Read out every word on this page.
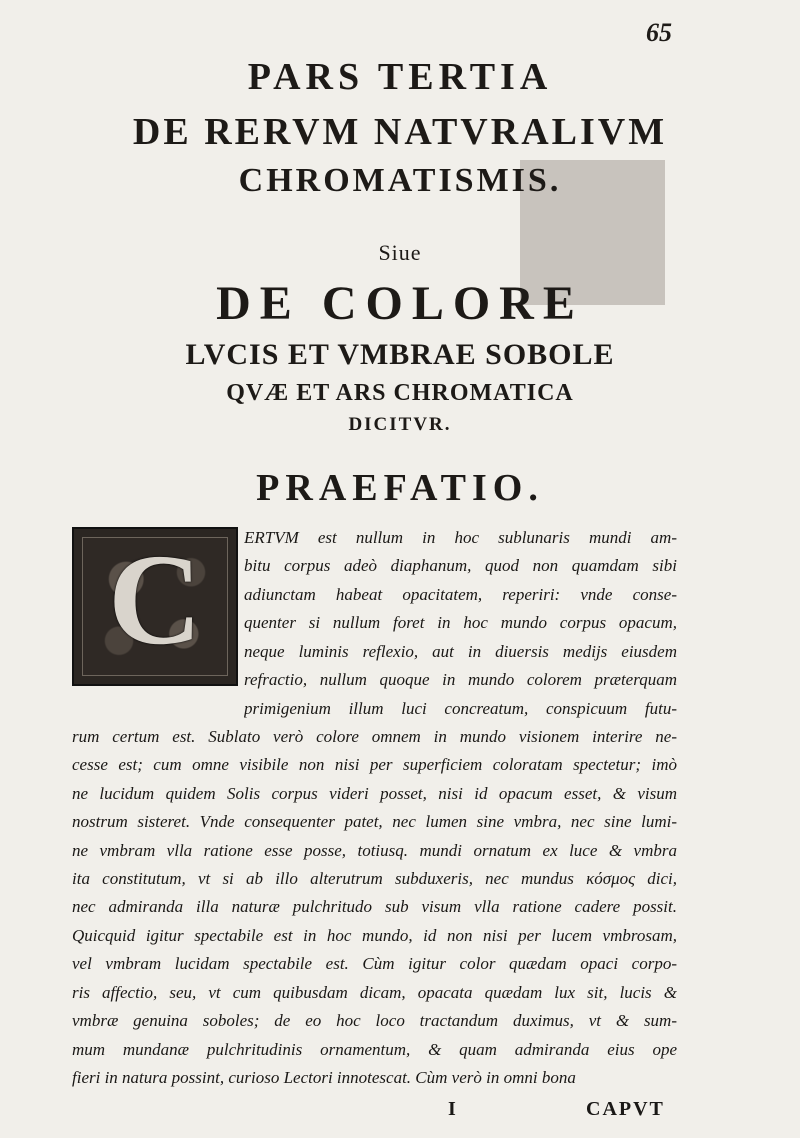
65
PARS TERTIA
DE RERVM NATVRALIVM
CHROMATISMIS.
Siue
DE COLORE
LVCIS ET VMBRAE SOBOLE
QVÆ ET ARS CHROMATICA
DICITVR.
PRAEFATIO.
C	ERTVM est nullum in hoc sublunaris mundi am-
bitu corpus adeò diaphanum, quod non quamdam sibi
adiunctam habeat opacitatem, reperiri: vnde conse-
quenter si nullum foret in hoc mundo corpus opacum,
neque luminis reflexio, aut in diuersis medijs eiusdem
refractio, nullum quoque in mundo colorem præterquam
primigenium illum luci concreatum, conspicuum futu-
rum certum est. Sublato verò colore omnem in mundo visionem interire ne-
cesse est; cum omne visibile non nisi per superficiem coloratam spectetur; imò
ne lucidum quidem Solis corpus videri posset, nisi id opacum esset, & visum
nostrum sisteret. Vnde consequenter patet, nec lumen sine vmbra, nec sine lumi-
ne vmbram vlla ratione esse posse, totiusq. mundi ornatum ex luce & vmbra
ita constitutum, vt si ab illo alterutrum subduxeris, nec mundus κόσμος dici,
nec admiranda illa naturæ pulchritudo sub visum vlla ratione cadere possit.
Quicquid igitur spectabile est in hoc mundo, id non nisi per lucem vmbrosam,
vel vmbram lucidam spectabile est. Cùm igitur color quædam opaci corpo-
ris affectio, seu, vt cum quibusdam dicam, opacata quædam lux sit, lucis &
vmbræ genuina soboles; de eo hoc loco tractandum duximus, vt & sum-
mum mundanæ pulchritudinis ornamentum, & quam admiranda eius ope
fieri in natura possint, curioso Lectori innotescat. Cùm verò in omni bona
I	CAPVT
